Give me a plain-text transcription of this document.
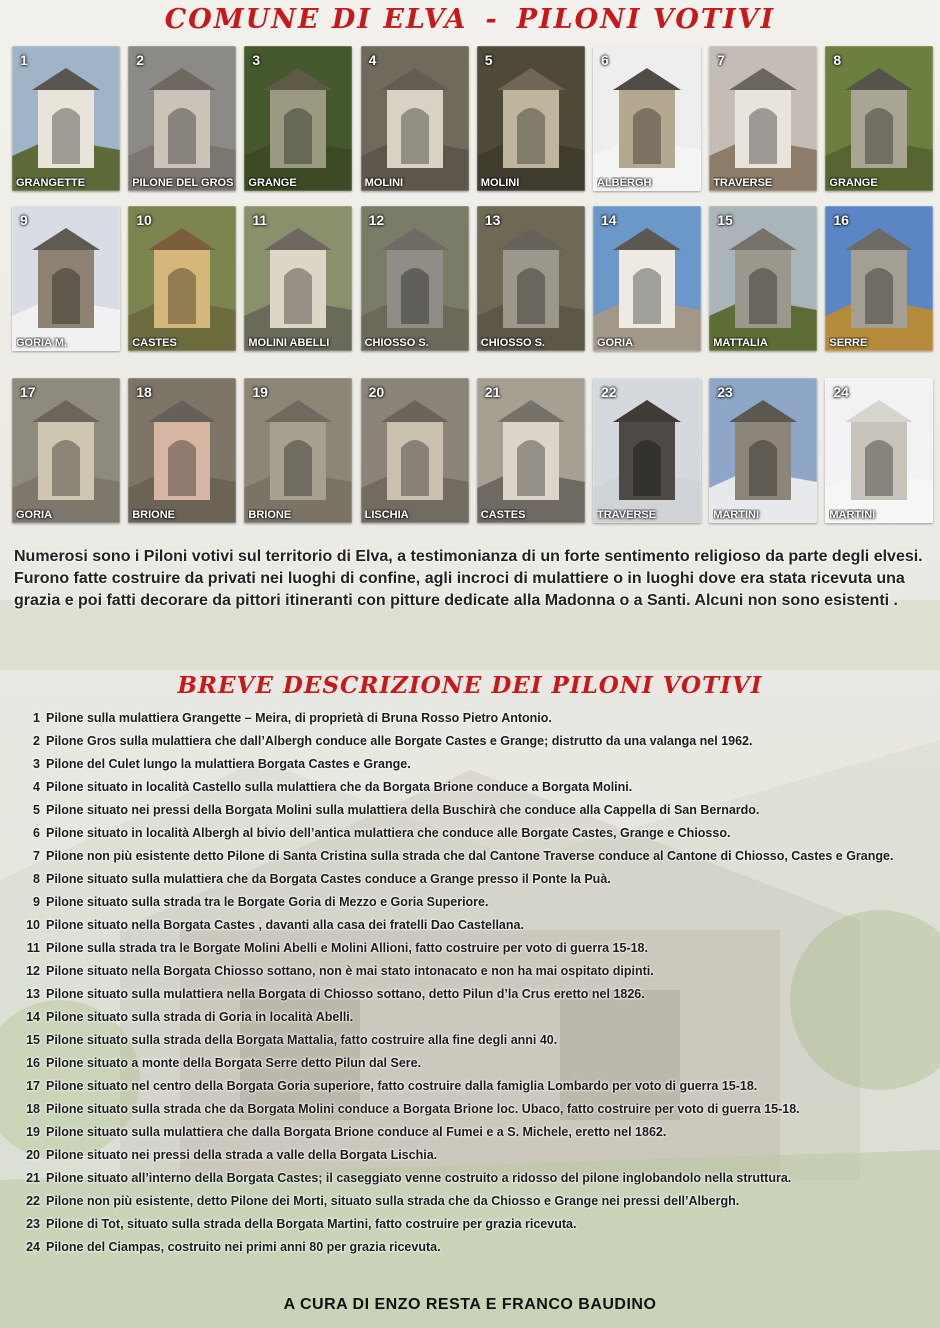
COMUNE DI ELVA - PILONI VOTIVI
1
GRANGETTE
2
PILONE DEL GROS
3
GRANGE
4
MOLINI
5
MOLINI
6
ALBERGH
7
TRAVERSE
8
GRANGE
9
GORIA M.
10
CASTES
11
MOLINI ABELLI
12
CHIOSSO S.
13
CHIOSSO S.
14
GORIA
15
MATTALIA
16
SERRE
17
GORIA
18
BRIONE
19
BRIONE
20
LISCHIA
21
CASTES
22
TRAVERSE
23
MARTINI
24
MARTINI
Numerosi sono i Piloni votivi sul territorio di Elva, a testimonianza di un forte sentimento religioso da parte degli elvesi. Furono fatte costruire da privati nei luoghi di confine, agli incroci di mulattiere o in luoghi dove era stata ricevuta una grazia e poi fatti decorare da pittori itineranti con pitture dedicate alla Madonna o a Santi. Alcuni non sono esistenti .
BREVE DESCRIZIONE DEI PILONI VOTIVI
1 Pilone sulla mulattiera Grangette – Meira, di proprietà di Bruna Rosso Pietro Antonio.
2 Pilone Gros sulla mulattiera che dall’Albergh conduce alle Borgate Castes e Grange; distrutto da una valanga nel 1962.
3 Pilone del Culet lungo la mulattiera Borgata Castes e Grange.
4 Pilone situato in località Castello sulla mulattiera che da Borgata Brione conduce a Borgata Molini.
5 Pilone situato nei pressi della Borgata Molini sulla mulattiera della Buschirà che conduce alla Cappella di San Bernardo.
6 Pilone situato in località Albergh al bivio dell’antica mulattiera che conduce alle Borgate Castes, Grange e Chiosso.
7 Pilone non più esistente detto Pilone di Santa Cristina sulla strada che dal Cantone Traverse conduce al Cantone di Chiosso, Castes e Grange.
8 Pilone situato sulla mulattiera che da Borgata Castes conduce a Grange presso il Ponte la Puà.
9 Pilone situato sulla strada tra le Borgate Goria di Mezzo e Goria Superiore.
10 Pilone situato nella Borgata Castes , davanti alla casa dei fratelli Dao Castellana.
11 Pilone sulla strada tra le Borgate Molini Abelli e Molini Allioni, fatto costruire per voto di guerra 15-18.
12 Pilone situato nella Borgata Chiosso sottano, non è mai stato intonacato e non ha mai ospitato dipinti.
13 Pilone situato sulla mulattiera nella Borgata di Chiosso sottano, detto Pilun d’la Crus eretto nel 1826.
14 Pilone situato sulla strada di Goria in località Abelli.
15 Pilone situato sulla strada della Borgata Mattalia, fatto costruire alla fine degli anni 40.
16 Pilone situato a monte della Borgata Serre detto Pilun dal Sere.
17 Pilone situato nel centro della Borgata Goria superiore, fatto costruire dalla famiglia Lombardo per voto di guerra 15-18.
18 Pilone situato sulla strada che da Borgata Molini conduce a Borgata Brione loc. Ubaco, fatto costruire per voto di guerra 15-18.
19 Pilone situato sulla mulattiera che dalla Borgata Brione conduce al Fumei e a S. Michele, eretto nel 1862.
20 Pilone situato nei pressi della strada a valle della Borgata Lischia.
21 Pilone situato all’interno della Borgata Castes; il caseggiato venne costruito a ridosso del pilone inglobandolo nella struttura.
22 Pilone non più esistente, detto Pilone dei Morti, situato sulla strada che da Chiosso e Grange nei pressi dell’Albergh.
23 Pilone di Tot, situato sulla strada della Borgata Martini, fatto costruire per grazia ricevuta.
24 Pilone del Ciampas, costruito nei primi anni 80 per grazia ricevuta.
A CURA DI ENZO RESTA E FRANCO BAUDINO
